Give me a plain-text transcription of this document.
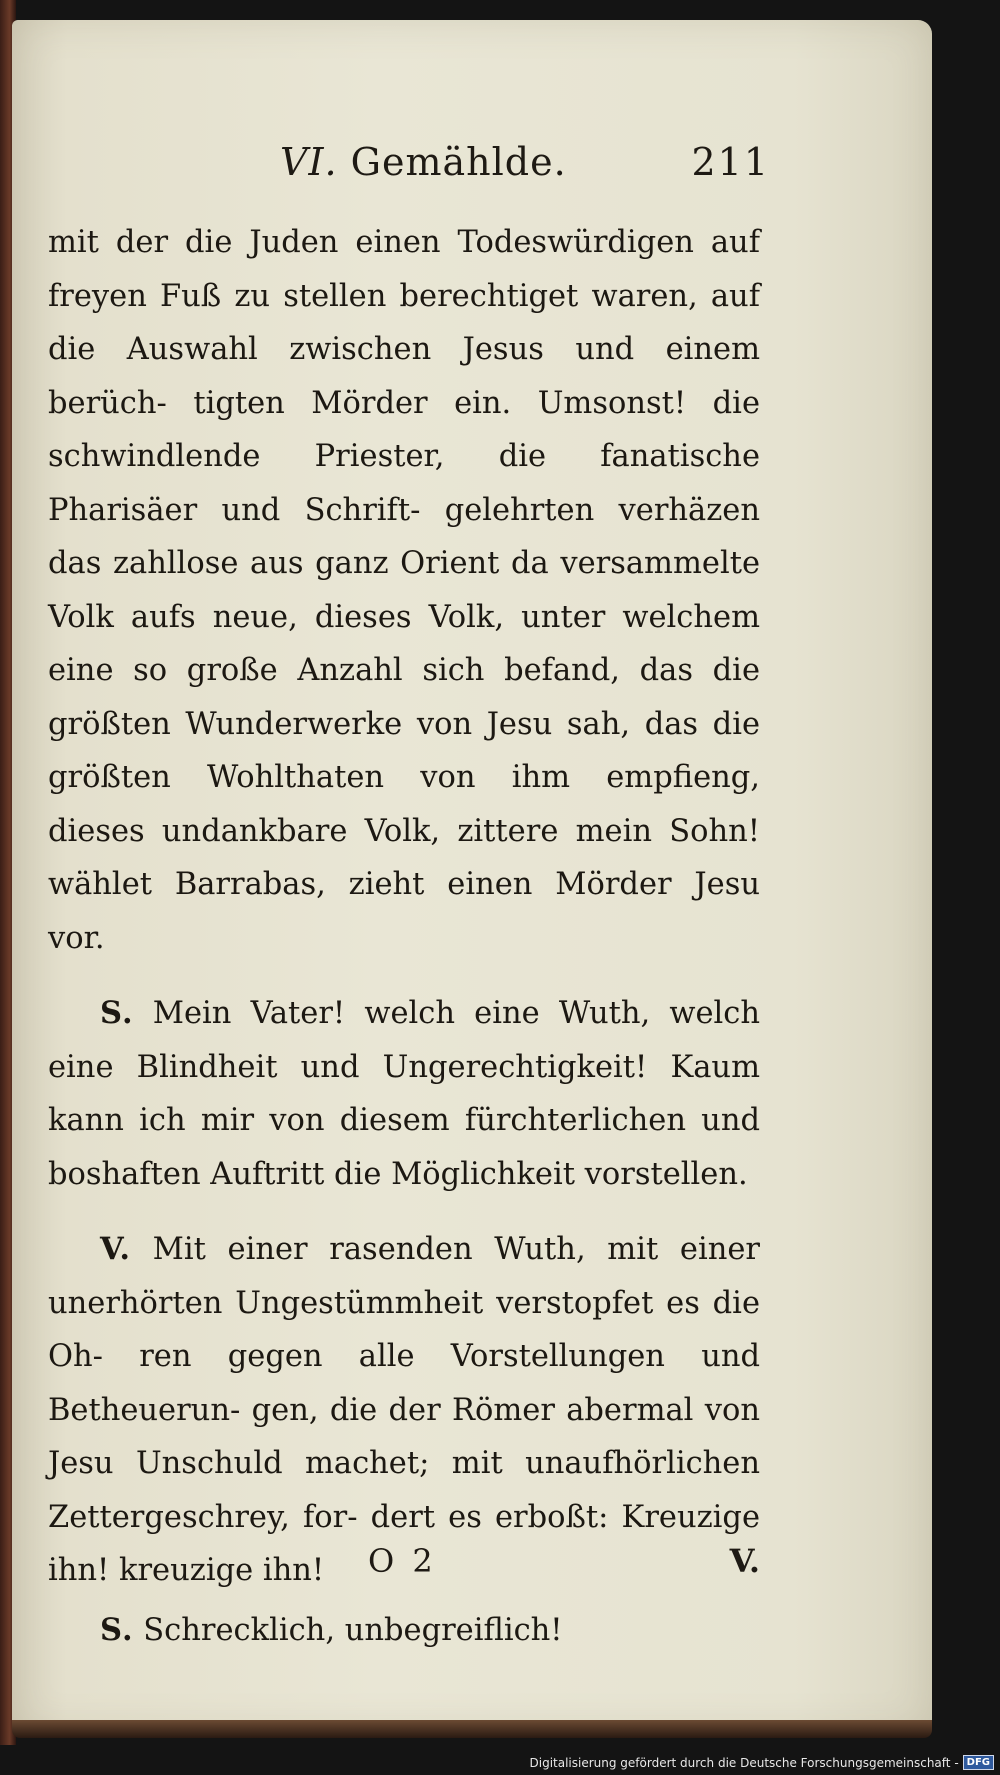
VI. Gemählde.	211

mit der die Juden einen Todeswürdigen auf freyen Fuß zu stellen berechtiget waren, auf die Auswahl zwischen Jesus und einem berüch- tigten Mörder ein. Umsonst! die schwindlende Priester, die fanatische Pharisäer und Schrift- gelehrten verhäzen das zahllose aus ganz Orient da versammelte Volk aufs neue, dieses Volk, unter welchem eine so große Anzahl sich befand, das die größten Wunderwerke von Jesu sah, das die größten Wohlthaten von ihm empfieng, dieses undankbare Volk, zittere mein Sohn! wählet Barrabas, zieht einen Mörder Jesu vor.

S. Mein Vater! welch eine Wuth, welch eine Blindheit und Ungerechtigkeit! Kaum kann ich mir von diesem fürchterlichen und boshaften Auftritt die Möglichkeit vorstellen.

V. Mit einer rasenden Wuth, mit einer unerhörten Ungestümmheit verstopfet es die Oh- ren gegen alle Vorstellungen und Betheuerun- gen, die der Römer abermal von Jesu Unschuld machet; mit unaufhörlichen Zettergeschrey, for- dert es erboßt: Kreuzige ihn! kreuzige ihn!

S. Schrecklich, unbegreiflich!

O 2	V.
Digitalisierung gefördert durch die Deutsche Forschungsgemeinschaft - DFG
